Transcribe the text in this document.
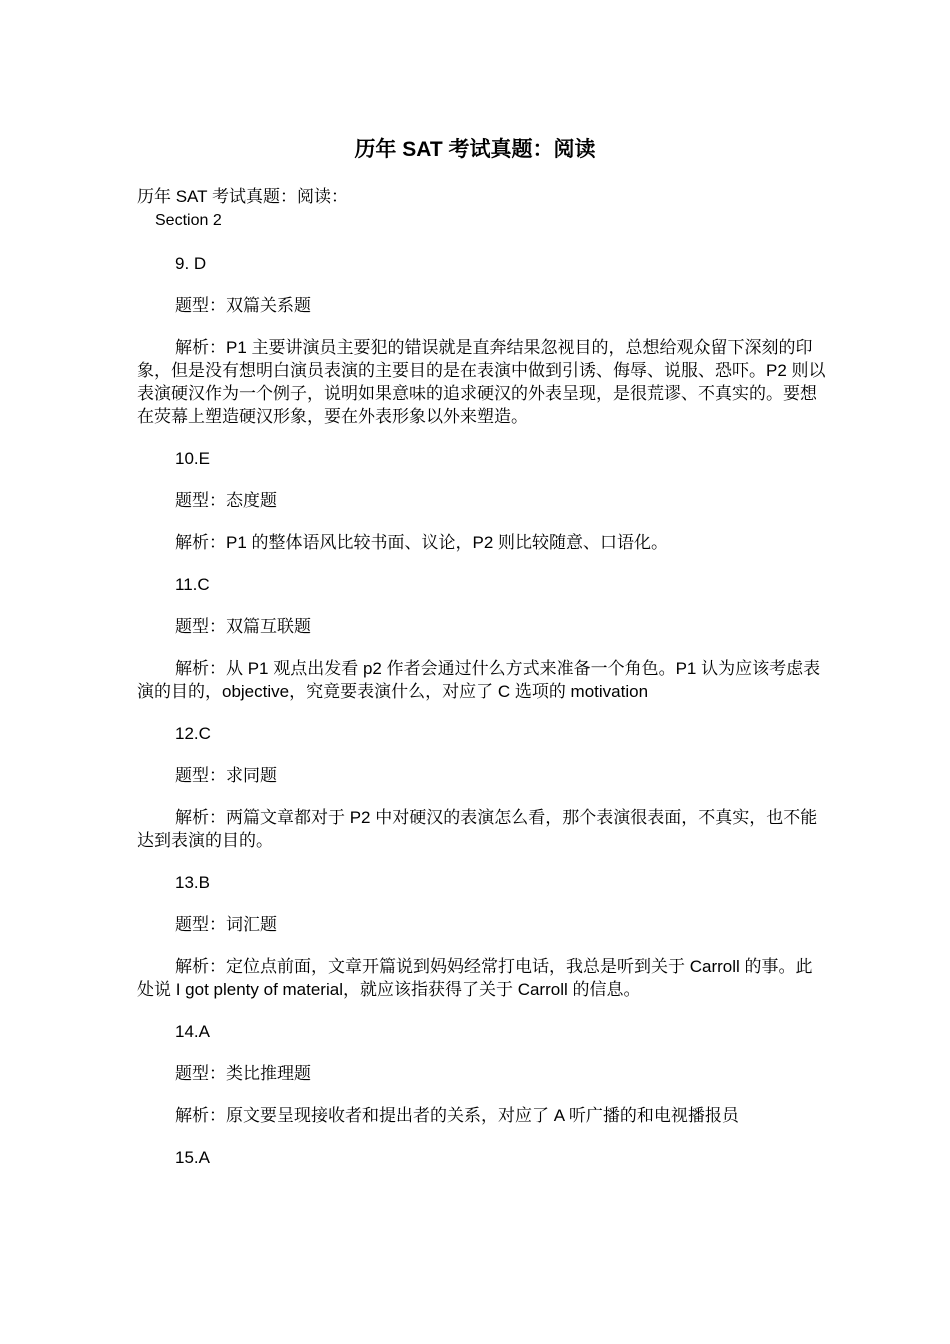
历年 SAT 考试真题：阅读
历年 SAT 考试真题：阅读：
Section 2
9. D
题型：双篇关系题
解析：P1 主要讲演员主要犯的错误就是直奔结果忽视目的，总想给观众留下深刻的印象，但是没有想明白演员表演的主要目的是在表演中做到引诱、侮辱、说服、恐吓。P2 则以表演硬汉作为一个例子，说明如果意味的追求硬汉的外表呈现，是很荒谬、不真实的。要想在荧幕上塑造硬汉形象，要在外表形象以外来塑造。
10.E
题型：态度题
解析：P1 的整体语风比较书面、议论，P2 则比较随意、口语化。
11.C
题型：双篇互联题
解析：从 P1 观点出发看 p2 作者会通过什么方式来准备一个角色。P1 认为应该考虑表演的目的，objective，究竟要表演什么，对应了 C 选项的 motivation
12.C
题型：求同题
解析：两篇文章都对于 P2 中对硬汉的表演怎么看，那个表演很表面，不真实，也不能达到表演的目的。
13.B
题型：词汇题
解析：定位点前面，文章开篇说到妈妈经常打电话，我总是听到关于 Carroll 的事。此处说 I got plenty of material，就应该指获得了关于 Carroll 的信息。
14.A
题型：类比推理题
解析：原文要呈现接收者和提出者的关系，对应了 A 听广播的和电视播报员
15.A
